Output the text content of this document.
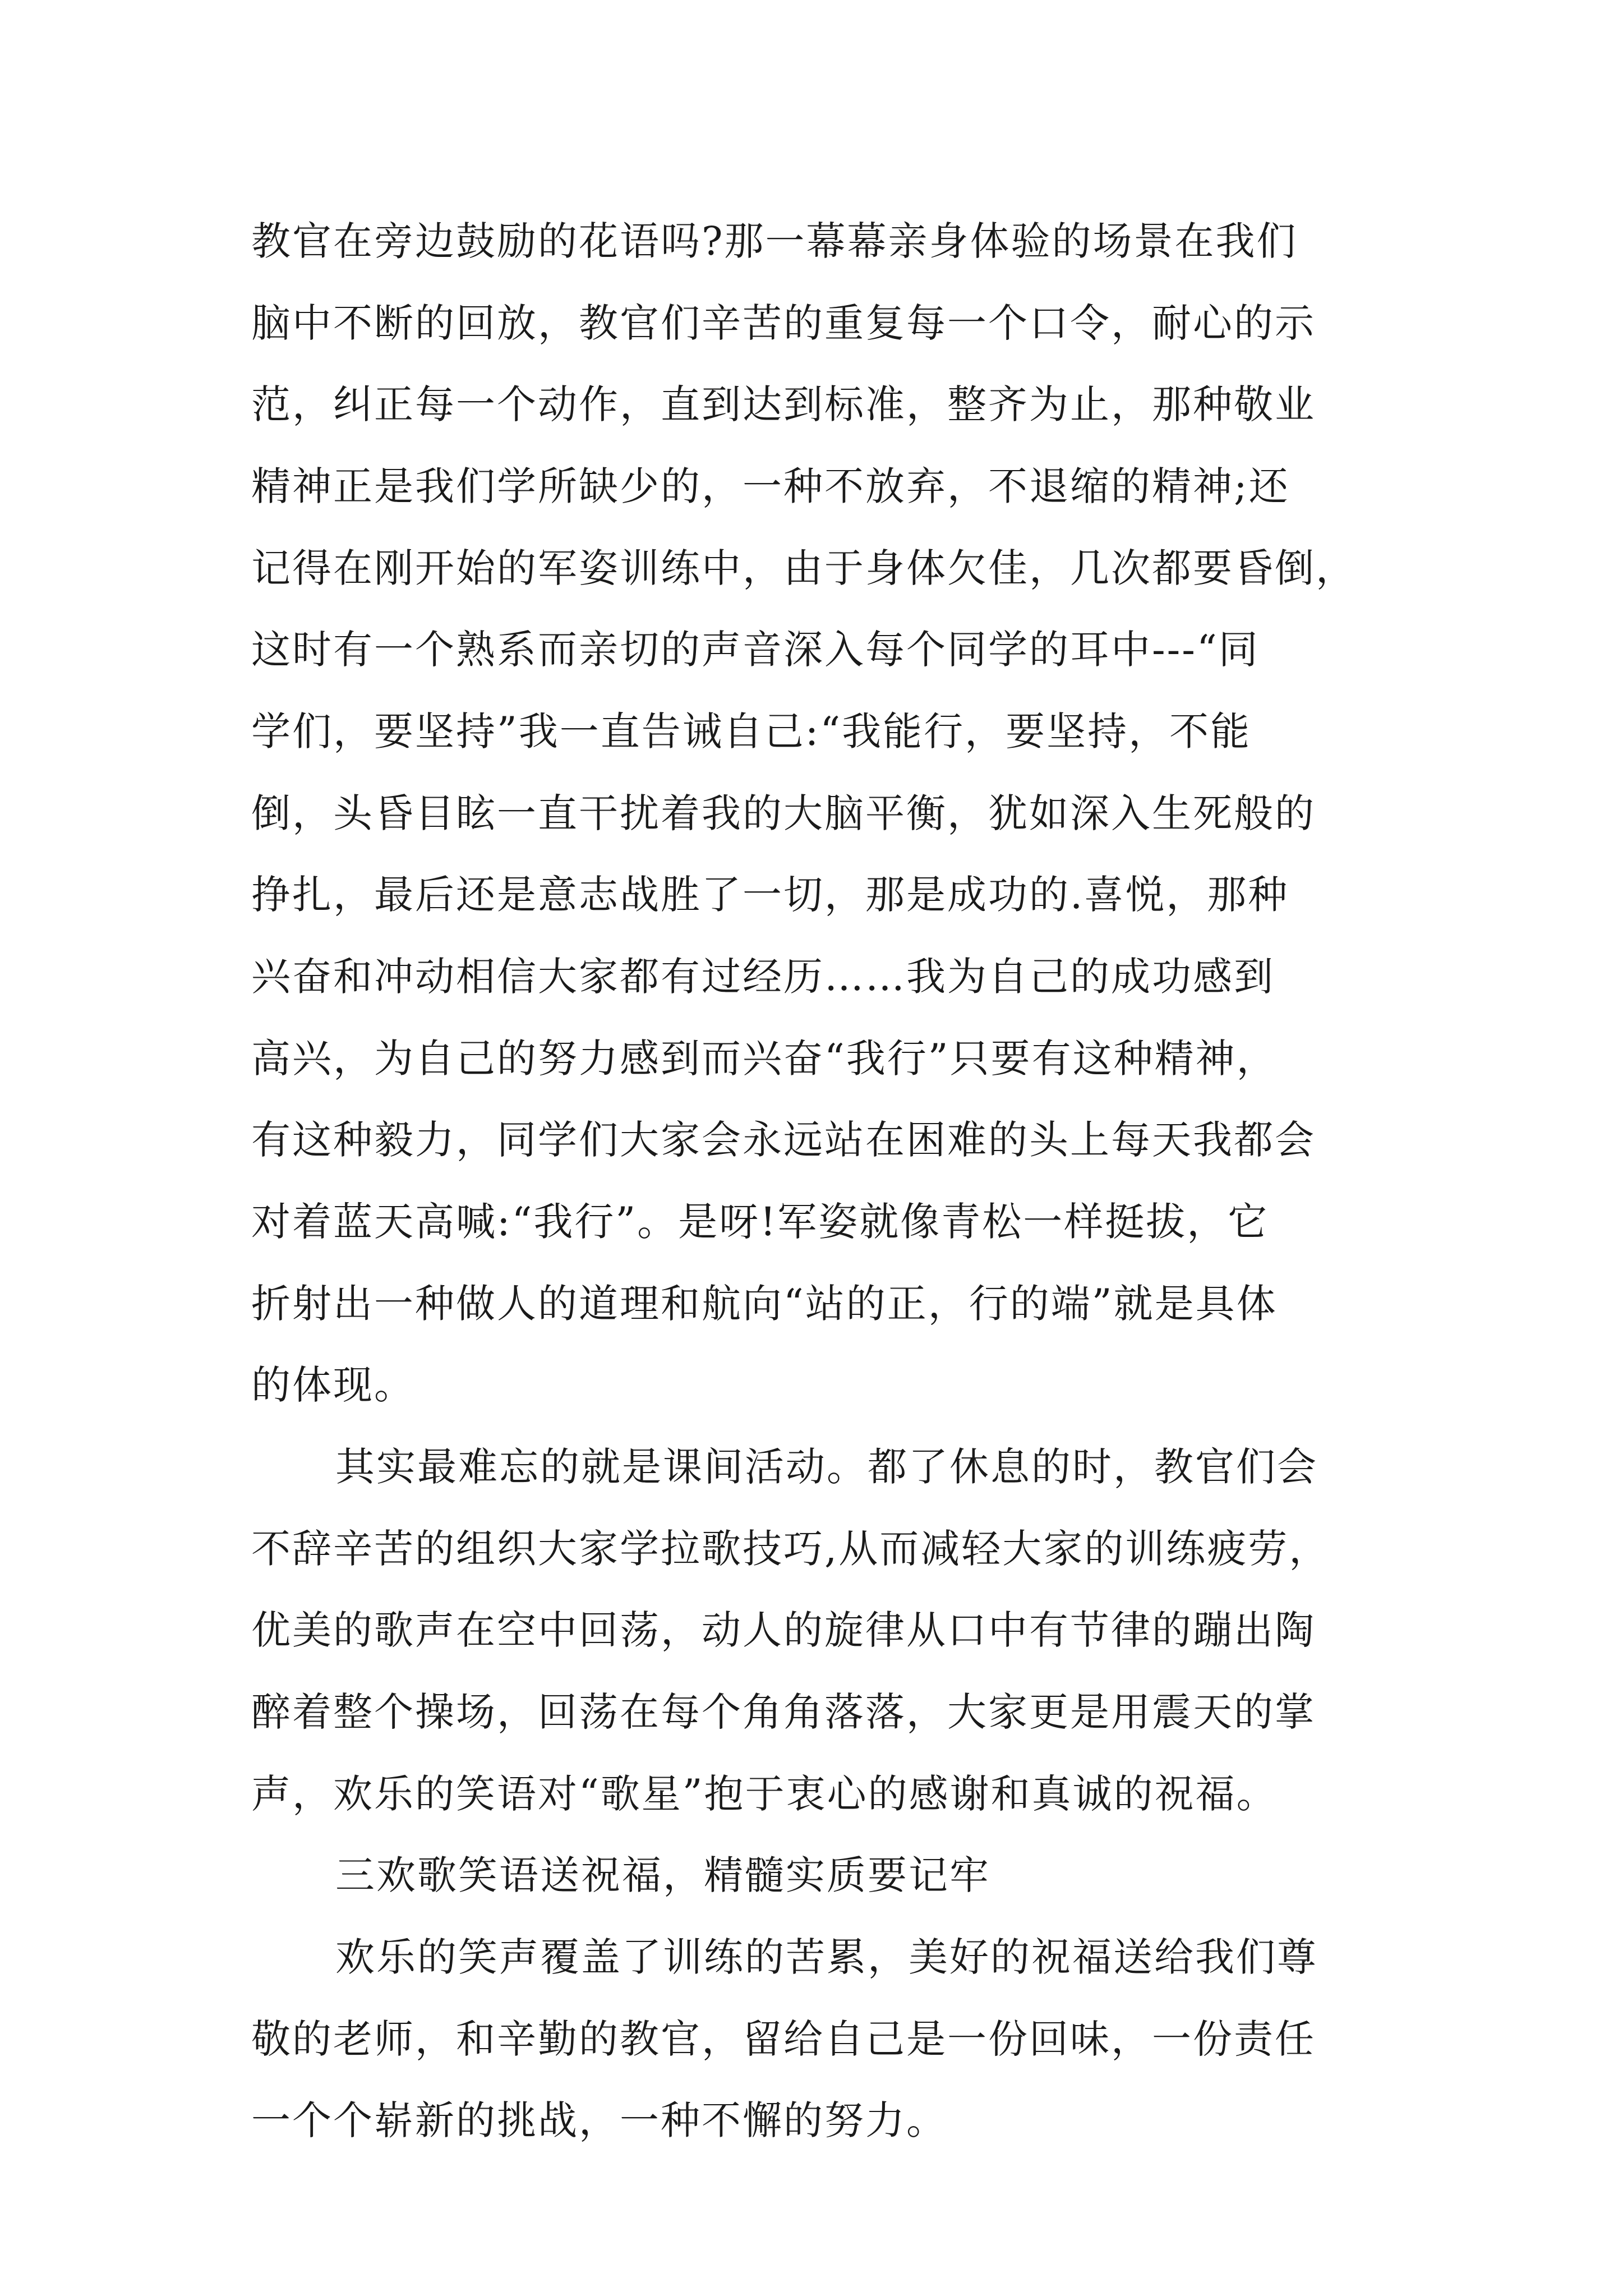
教官在旁边鼓励的花语吗?那一幕幕亲身体验的场景在我们
脑中不断的回放，教官们辛苦的重复每一个口令，耐心的示
范，纠正每一个动作，直到达到标准，整齐为止，那种敬业
精神正是我们学所缺少的，一种不放弃，不退缩的精神;还
记得在刚开始的军姿训练中，由于身体欠佳，几次都要昏倒，
这时有一个熟系而亲切的声音深入每个同学的耳中---“同
学们，要坚持”我一直告诫自己:“我能行，要坚持，不能
倒，头昏目眩一直干扰着我的大脑平衡，犹如深入生死般的
挣扎，最后还是意志战胜了一切，那是成功的.喜悦，那种
兴奋和冲动相信大家都有过经历……我为自己的成功感到
高兴，为自己的努力感到而兴奋“我行”只要有这种精神，
有这种毅力，同学们大家会永远站在困难的头上每天我都会
对着蓝天高喊:“我行”。是呀!军姿就像青松一样挺拔，它
折射出一种做人的道理和航向“站的正，行的端”就是具体
的体现。
其实最难忘的就是课间活动。都了休息的时，教官们会
不辞辛苦的组织大家学拉歌技巧,从而减轻大家的训练疲劳，
优美的歌声在空中回荡，动人的旋律从口中有节律的蹦出陶
醉着整个操场，回荡在每个角角落落，大家更是用震天的掌
声，欢乐的笑语对“歌星”抱于衷心的感谢和真诚的祝福。
三欢歌笑语送祝福，精髓实质要记牢
欢乐的笑声覆盖了训练的苦累，美好的祝福送给我们尊
敬的老师，和辛勤的教官，留给自己是一份回味，一份责任
一个个崭新的挑战，一种不懈的努力。
